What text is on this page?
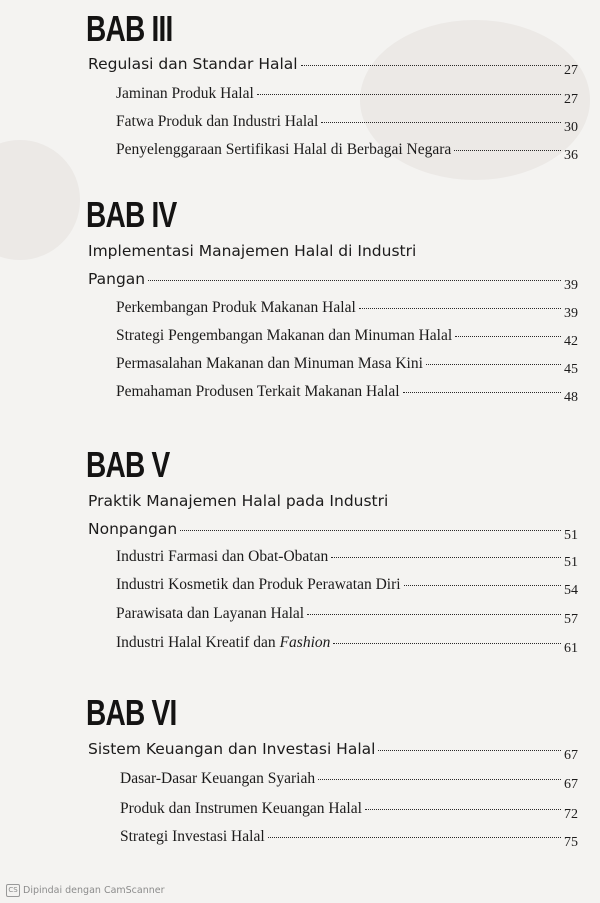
BAB III
Regulasi dan Standar Halal	27
Jaminan Produk Halal	27
Fatwa Produk dan Industri Halal	30
Penyelenggaraan Sertifikasi Halal di Berbagai Negara	36
BAB IV
Implementasi Manajemen Halal di Industri
Pangan	39
Perkembangan Produk Makanan Halal	39
Strategi Pengembangan Makanan dan Minuman Halal	42
Permasalahan Makanan dan Minuman Masa Kini	45
Pemahaman Produsen Terkait Makanan Halal	48
BAB V
Praktik Manajemen Halal pada Industri
Nonpangan	51
Industri Farmasi dan Obat-Obatan	51
Industri Kosmetik dan Produk Perawatan Diri	54
Parawisata dan Layanan Halal	57
Industri Halal Kreatif dan Fashion	61
BAB VI
Sistem Keuangan dan Investasi Halal	67
Dasar-Dasar Keuangan Syariah	67
Produk dan Instrumen Keuangan Halal	72
Strategi Investasi Halal	75
CS Dipindai dengan CamScanner
